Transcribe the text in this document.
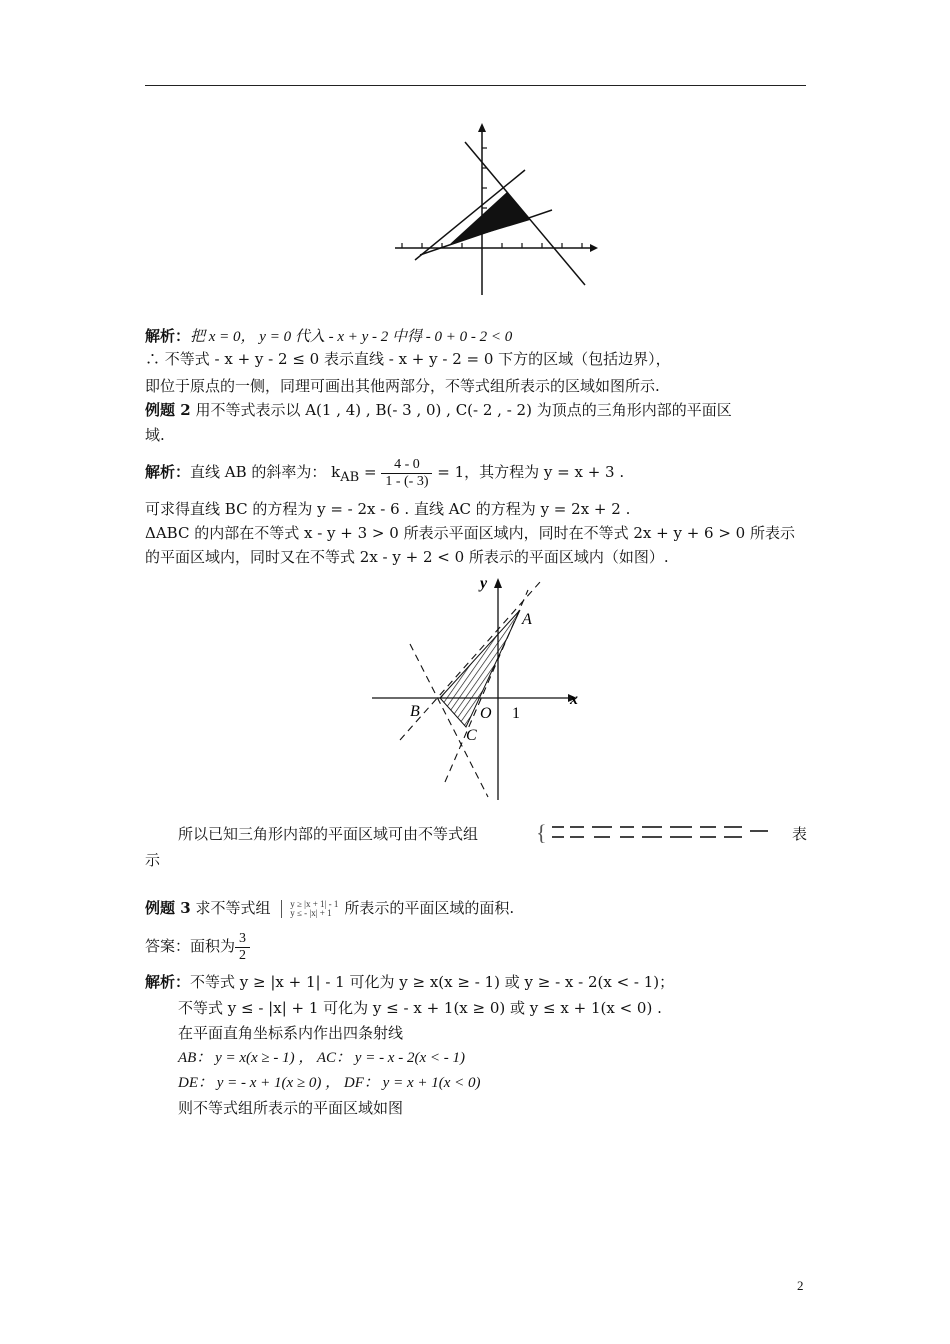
解析：把 x = 0， y = 0 代入 - x + y - 2 中得 - 0 + 0 - 2 < 0
∴ 不等式 - x + y - 2 ≤ 0 表示直线 - x + y - 2 = 0 下方的区域（包括边界），
即位于原点的一侧，同理可画出其他两部分，不等式组所表示的区域如图所示.
例题 2 用不等式表示以 A(1 , 4) , B(- 3 , 0) , C(- 2 , - 2) 为顶点的三角形内部的平面区
域.
解析：直线 AB 的斜率为： $k_{AB} = \frac{4 - 0}{1 - (- 3)} = 1$，其方程为 y = x + 3 .
可求得直线 BC 的方程为 y = - 2x - 6 . 直线 AC 的方程为 y = 2x + 2 .
ΔABC 的内部在不等式 x - y + 3 > 0 所表示平面区域内，同时在不等式 2x + y + 6 > 0 所表示
的平面区域内，同时又在不等式 2x - y + 2 < 0 所表示的平面区域内（如图）.
y
x
A
B	O 1
C
所以已知三角形内部的平面区域可由不等式组	{	表
示
例题 3 求不等式组 y ≥ |x + 1| - 1
y ≤ - |x| + 1 所表示的平面区域的面积.
答案：面积为 $\frac{3}{2}$
解析：不等式 y ≥ |x + 1| - 1 可化为 y ≥ x(x ≥ - 1) 或 y ≥ - x - 2(x < - 1)；
不等式 y ≤ - |x| + 1 可化为 y ≤ - x + 1(x ≥ 0) 或 y ≤ x + 1(x < 0) .
在平面直角坐标系内作出四条射线
AB： y = x(x ≥ - 1) ， AC： y = - x - 2(x < - 1)
DE： y = - x + 1(x ≥ 0) ， DF： y = x + 1(x < 0)
则不等式组所表示的平面区域如图
2
